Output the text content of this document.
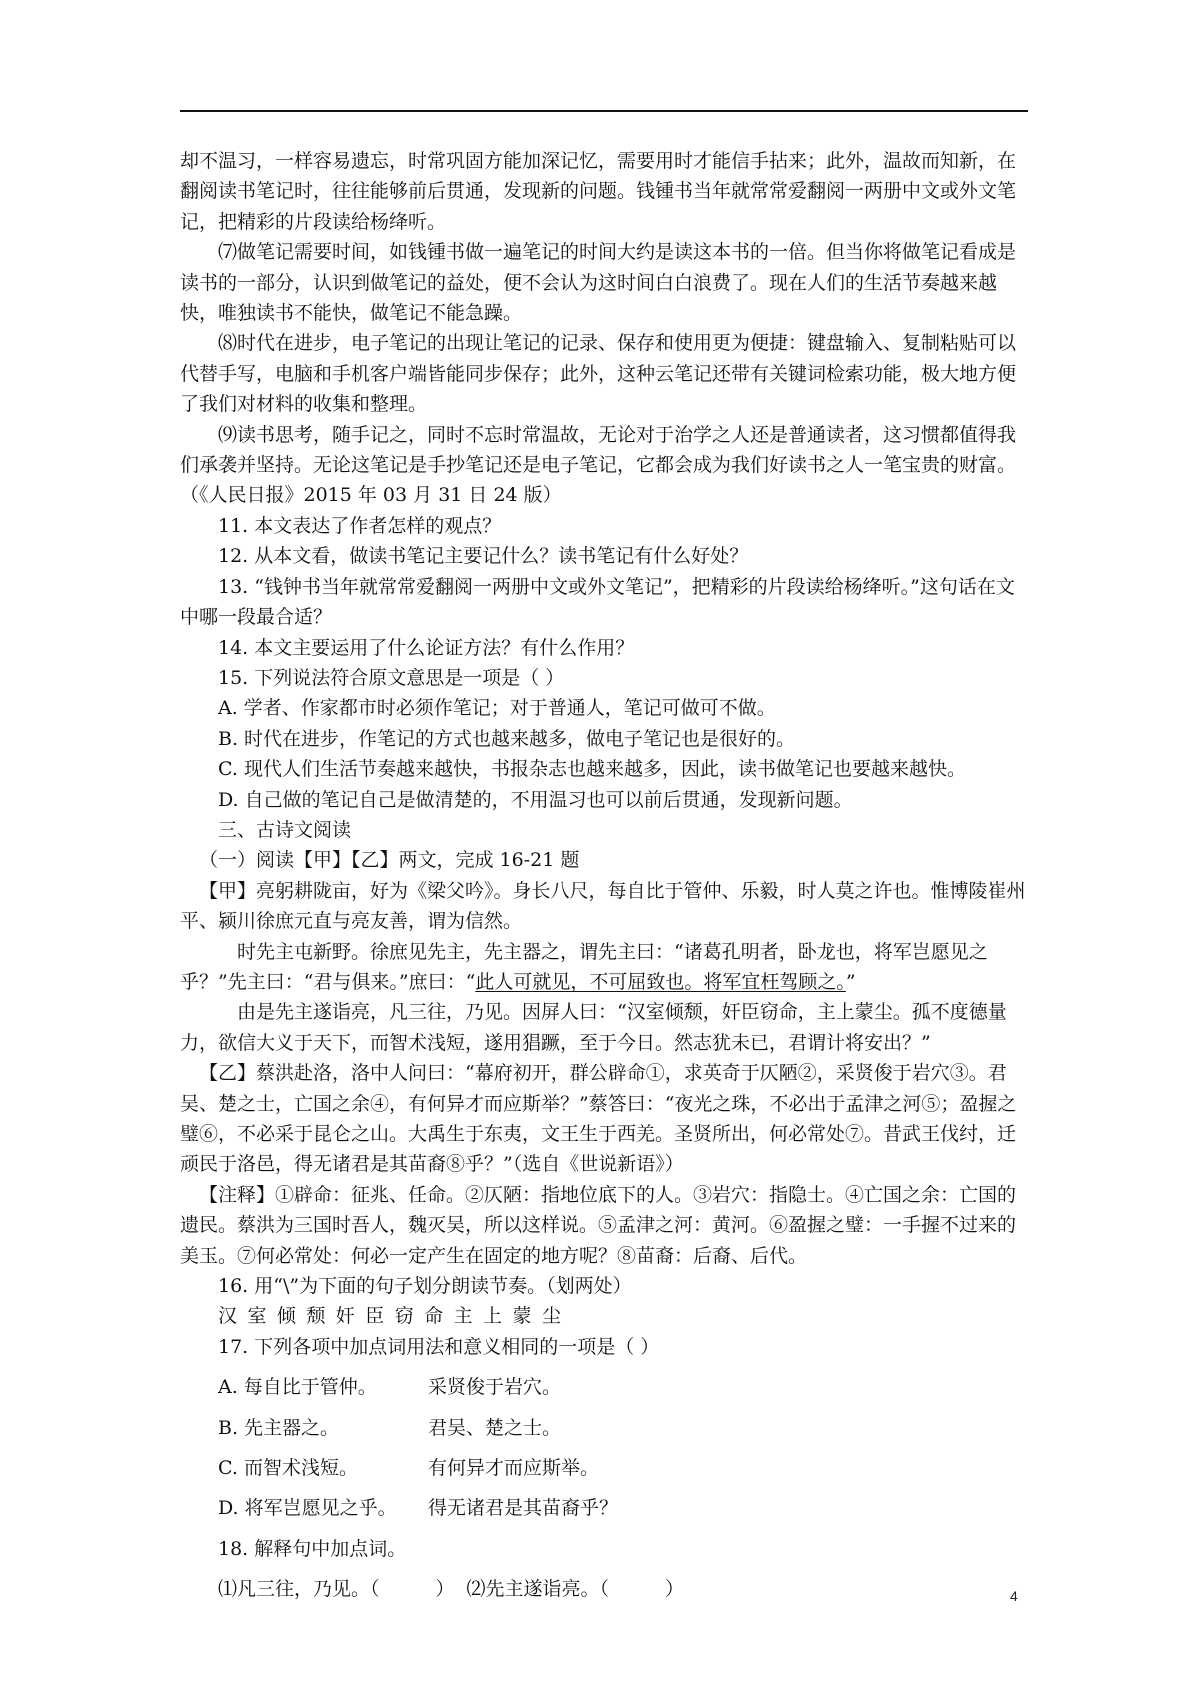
却不温习，一样容易遗忘，时常巩固方能加深记忆，需要用时才能信手拈来；此外，温故而知新，在翻阅读书笔记时，往往能够前后贯通，发现新的问题。钱锺书当年就常常爱翻阅一两册中文或外文笔记，把精彩的片段读给杨绛听。

⑺做笔记需要时间，如钱锺书做一遍笔记的时间大约是读这本书的一倍。但当你将做笔记看成是读书的一部分，认识到做笔记的益处，便不会认为这时间白白浪费了。现在人们的生活节奏越来越快，唯独读书不能快，做笔记不能急躁。

⑻时代在进步，电子笔记的出现让笔记的记录、保存和使用更为便捷：键盘输入、复制粘贴可以代替手写，电脑和手机客户端皆能同步保存；此外，这种云笔记还带有关键词检索功能，极大地方便了我们对材料的收集和整理。

⑼读书思考，随手记之，同时不忘时常温故，无论对于治学之人还是普通读者，这习惯都值得我们承袭并坚持。无论这笔记是手抄笔记还是电子笔记，它都会成为我们好读书之人一笔宝贵的财富。（《人民日报》2015 年 03 月 31 日 24 版）

11. 本文表达了作者怎样的观点？

12. 从本文看，做读书笔记主要记什么？读书笔记有什么好处？

13. “钱钟书当年就常常爱翻阅一两册中文或外文笔记”，把精彩的片段读给杨绛听。”这句话在文中哪一段最合适？

14. 本文主要运用了什么论证方法？有什么作用？

15. 下列说法符合原文意思是一项是（ ）

A. 学者、作家都市时必须作笔记；对于普通人，笔记可做可不做。

B. 时代在进步，作笔记的方式也越来越多，做电子笔记也是很好的。

C. 现代人们生活节奏越来越快，书报杂志也越来越多，因此，读书做笔记也要越来越快。

D. 自己做的笔记自己是做清楚的，不用温习也可以前后贯通，发现新问题。

三、古诗文阅读

（一）阅读【甲】【乙】两文，完成 16-21 题

【甲】亮躬耕陇亩，好为《梁父吟》。身长八尺，每自比于管仲、乐毅，时人莫之许也。惟博陵崔州平、颍川徐庶元直与亮友善，谓为信然。

时先主屯新野。徐庶见先主，先主器之，谓先主曰：“诸葛孔明者，卧龙也，将军岂愿见之乎？”先主曰：“君与俱来。”庶曰：“此人可就见，不可屈致也。将军宜枉驾顾之。”

由是先主遂诣亮，凡三往，乃见。因屏人曰：“汉室倾颓，奸臣窃命，主上蒙尘。孤不度德量力，欲信大义于天下，而智术浅短，遂用猖蹶，至于今日。然志犹未已，君谓计将安出？”

【乙】蔡洪赴洛，洛中人问曰：“幕府初开，群公辟命①，求英奇于仄陋②，采贤俊于岩穴③。君吴、楚之士，亡国之余④，有何异才而应斯举？”蔡答曰：“夜光之珠，不必出于孟津之河⑤；盈握之璧⑥，不必采于昆仑之山。大禹生于东夷，文王生于西羌。圣贤所出，何必常处⑦。昔武王伐纣，迁顽民于洛邑，得无诸君是其苗裔⑧乎？”（选自《世说新语》）

【注释】①辟命：征兆、任命。②仄陋：指地位底下的人。③岩穴：指隐士。④亡国之余：亡国的遗民。蔡洪为三国时吾人，魏灭吴，所以这样说。⑤孟津之河：黄河。⑥盈握之璧：一手握不过来的美玉。⑦何必常处：何必一定产生在固定的地方呢？⑧苗裔：后裔、后代。

16. 用“\”为下面的句子划分朗读节奏。（划两处）

汉室倾颓奸臣窃命主上蒙尘

17. 下列各项中加点词用法和意义相同的一项是（ ）

A. 每自比于管仲。	采贤俊于岩穴。
B. 先主器之。	君吴、楚之士。
C. 而智术浅短。	有何异才而应斯举。
D. 将军岂愿见之乎。	得无诸君是其苗裔乎？

18. 解释句中加点词。

⑴凡三往，乃见。（	） ⑵先主遂诣亮。（	）	4
